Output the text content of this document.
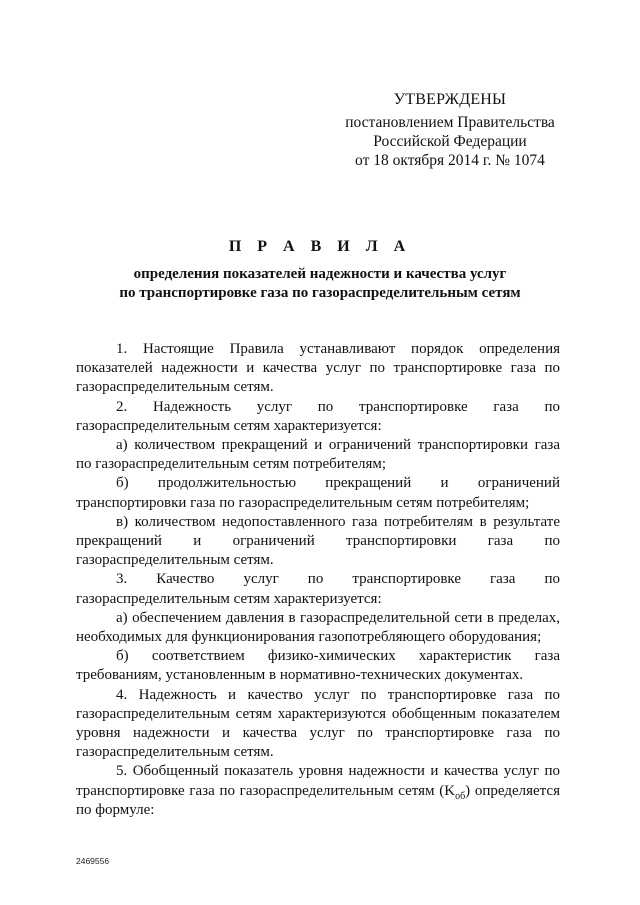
УТВЕРЖДЕНЫ
постановлением Правительства
Российской Федерации
от 18 октября 2014 г. № 1074
П Р А В И Л А
определения показателей надежности и качества услуг
по транспортировке газа по газораспределительным сетям

1. Настоящие Правила устанавливают порядок определения показателей надежности и качества услуг по транспортировке газа по газораспределительным сетям.

2. Надежность услуг по транспортировке газа по газораспределительным сетям характеризуется:

а) количеством прекращений и ограничений транспортировки газа по газораспределительным сетям потребителям;

б) продолжительностью прекращений и ограничений транспортировки газа по газораспределительным сетям потребителям;

в) количеством недопоставленного газа потребителям в результате прекращений и ограничений транспортировки газа по газораспределительным сетям.

3. Качество услуг по транспортировке газа по газораспределительным сетям характеризуется:

а) обеспечением давления в газораспределительной сети в пределах, необходимых для функционирования газопотребляющего оборудования;

б) соответствием физико-химических характеристик газа требованиям, установленным в нормативно-технических документах.

4. Надежность и качество услуг по транспортировке газа по газораспределительным сетям характеризуются обобщенным показателем уровня надежности и качества услуг по транспортировке газа по газораспределительным сетям.

5. Обобщенный показатель уровня надежности и качества услуг по транспортировке газа по газораспределительным сетям $(K_{об})$ определяется по формуле:

2469556
